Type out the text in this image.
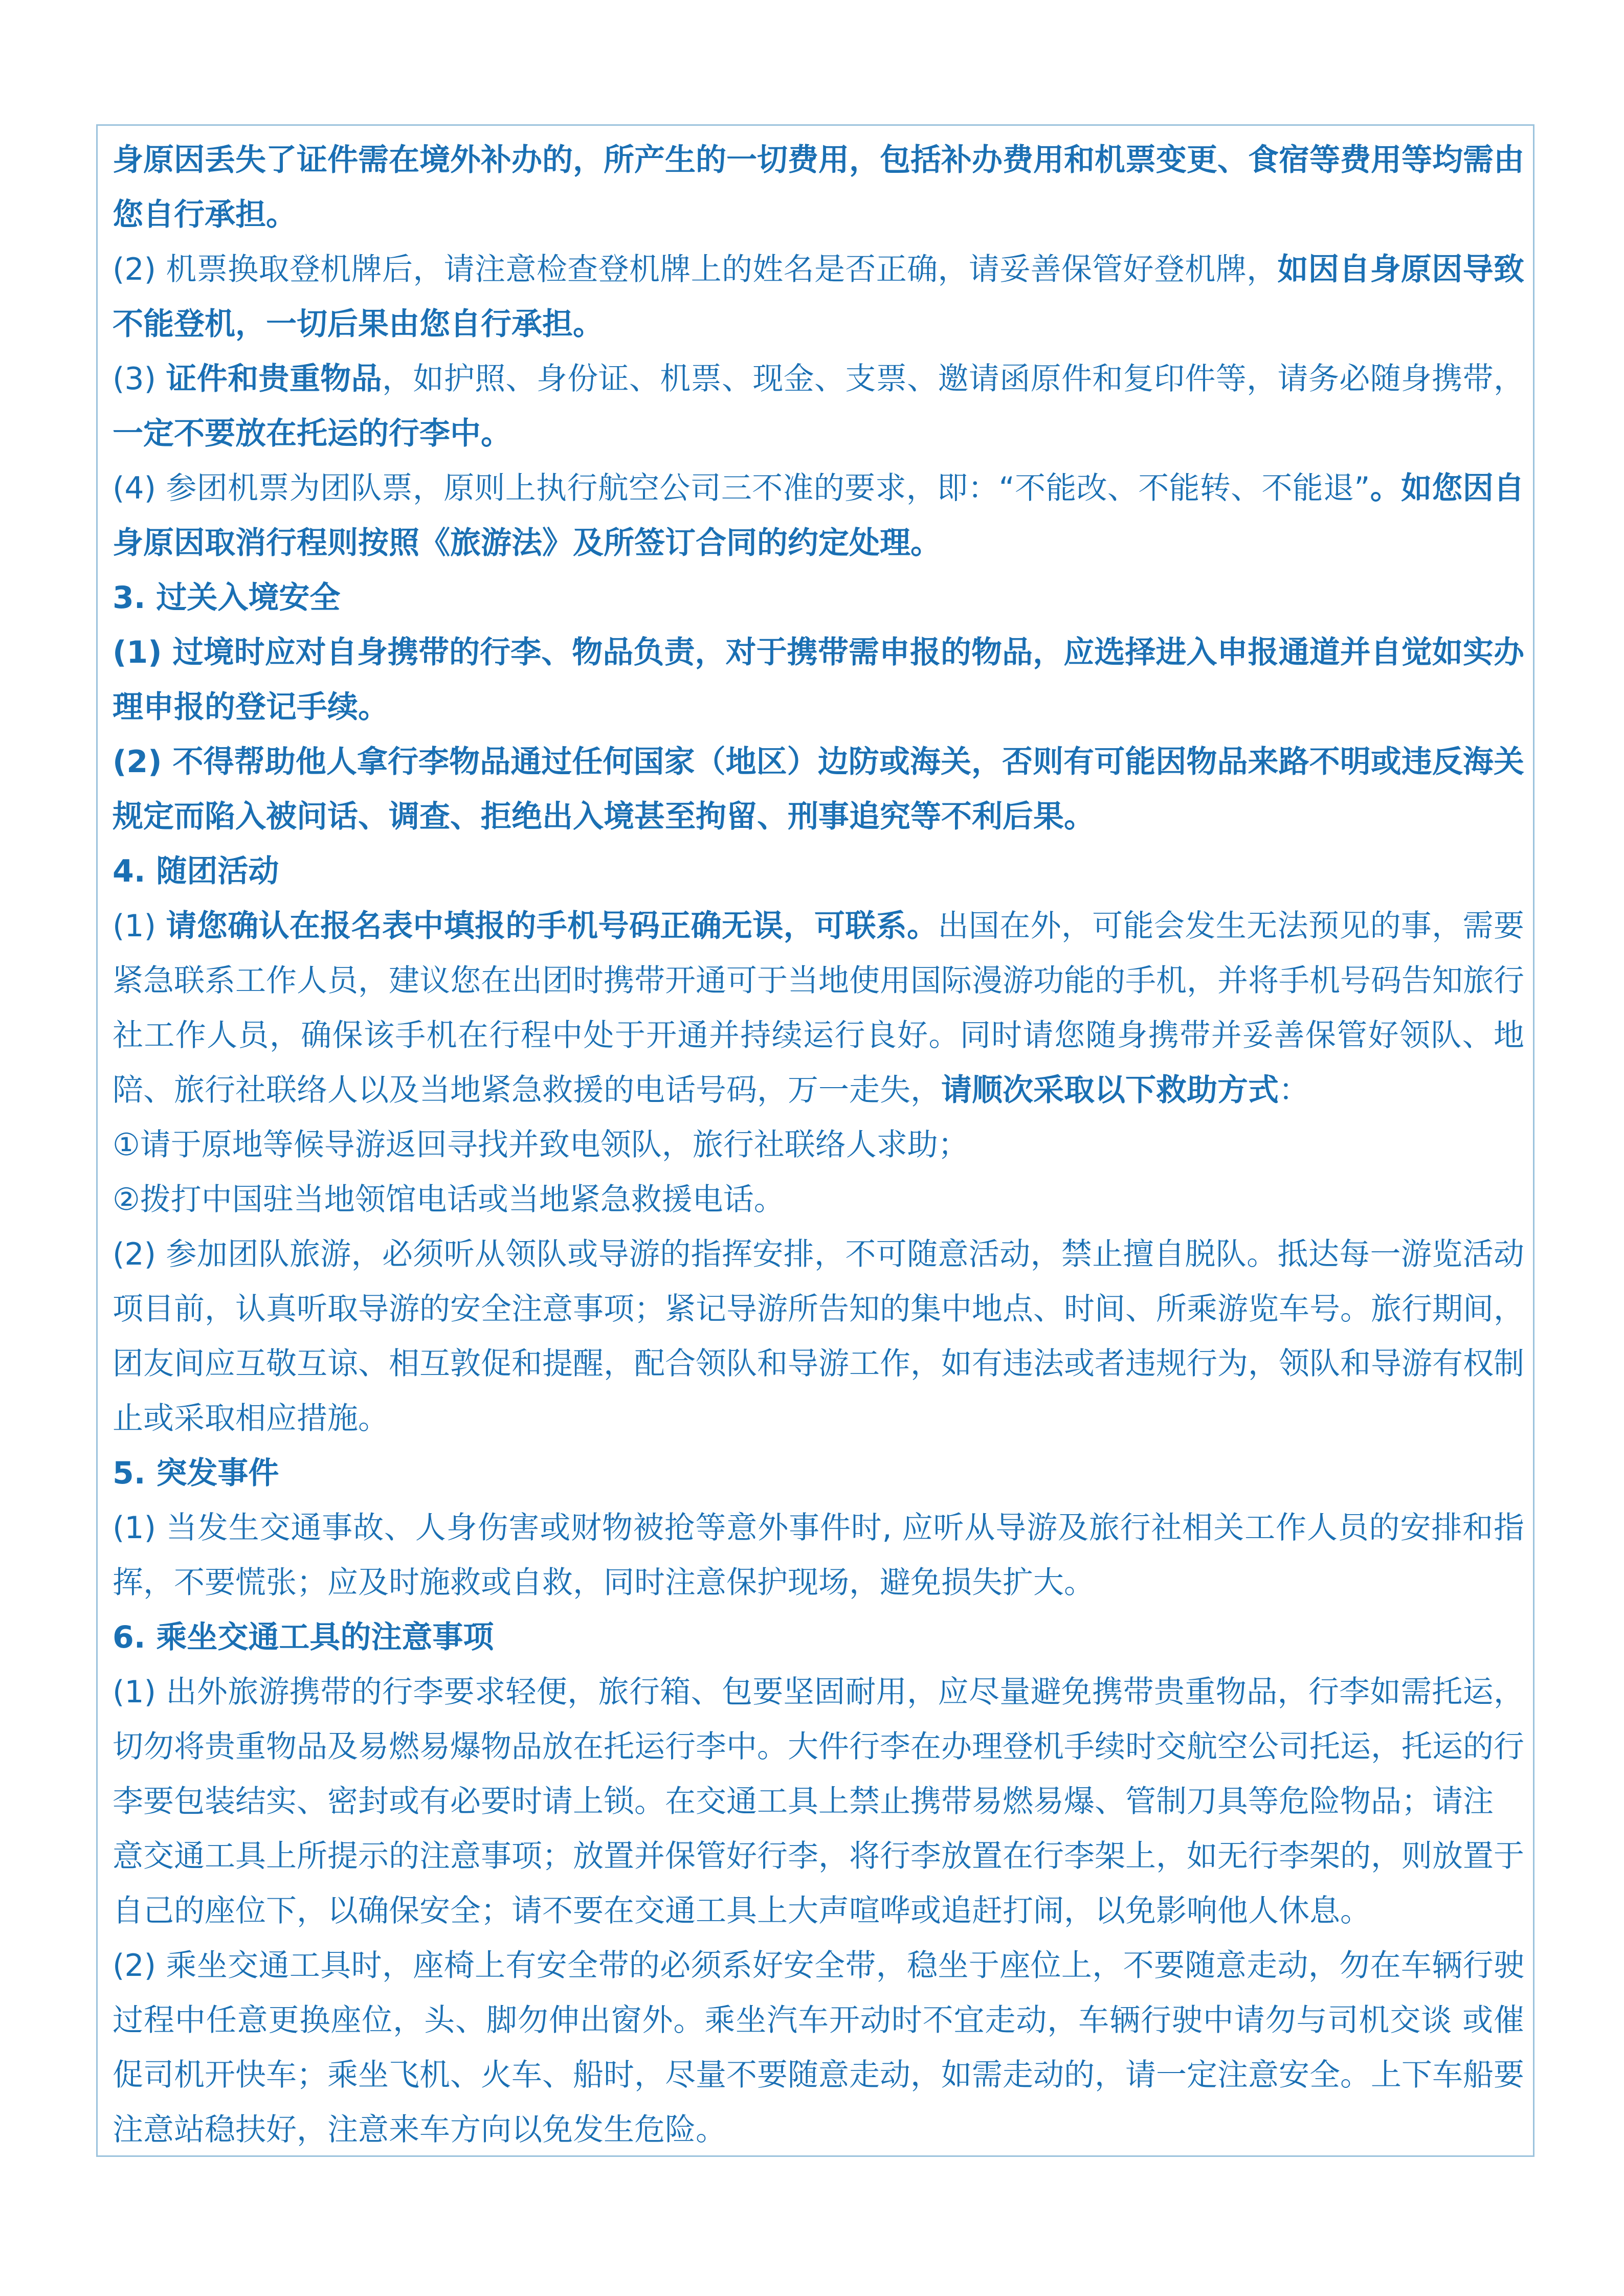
身原因丢失了证件需在境外补办的，所产生的一切费用，包括补办费用和机票变更、食宿等费用等均需由您自行承担。

(2) 机票换取登机牌后，请注意检查登机牌上的姓名是否正确，请妥善保管好登机牌，如因自身原因导致不能登机，一切后果由您自行承担。

(3) 证件和贵重物品，如护照、身份证、机票、现金、支票、邀请函原件和复印件等，请务必随身携带，一定不要放在托运的行李中。

(4) 参团机票为团队票，原则上执行航空公司三不准的要求，即：“不能改、不能转、不能退”。如您因自身原因取消行程则按照《旅游法》及所签订合同的约定处理。

3. 过关入境安全

(1) 过境时应对自身携带的行李、物品负责，对于携带需申报的物品，应选择进入申报通道并自觉如实办理申报的登记手续。

(2) 不得帮助他人拿行李物品通过任何国家（地区）边防或海关，否则有可能因物品来路不明或违反海关规定而陷入被问话、调查、拒绝出入境甚至拘留、刑事追究等不利后果。

4. 随团活动

(1) 请您确认在报名表中填报的手机号码正确无误，可联系。出国在外，可能会发生无法预见的事，需要紧急联系工作人员，建议您在出团时携带开通可于当地使用国际漫游功能的手机，并将手机号码告知旅行社工作人员，确保该手机在行程中处于开通并持续运行良好。同时请您随身携带并妥善保管好领队、地陪、旅行社联络人以及当地紧急救援的电话号码，万一走失，请顺次采取以下救助方式：

①请于原地等候导游返回寻找并致电领队，旅行社联络人求助；

②拨打中国驻当地领馆电话或当地紧急救援电话。

(2) 参加团队旅游，必须听从领队或导游的指挥安排，不可随意活动，禁止擅自脱队。抵达每一游览活动项目前，认真听取导游的安全注意事项；紧记导游所告知的集中地点、时间、所乘游览车号。旅行期间，团友间应互敬互谅、相互敦促和提醒，配合领队和导游工作，如有违法或者违规行为，领队和导游有权制止或采取相应措施。

5. 突发事件

(1) 当发生交通事故、人身伤害或财物被抢等意外事件时, 应听从导游及旅行社相关工作人员的安排和指挥，不要慌张；应及时施救或自救，同时注意保护现场，避免损失扩大。

6. 乘坐交通工具的注意事项

(1) 出外旅游携带的行李要求轻便，旅行箱、包要坚固耐用，应尽量避免携带贵重物品，行李如需托运，切勿将贵重物品及易燃易爆物品放在托运行李中。大件行李在办理登机手续时交航空公司托运，托运的行李要包装结实、密封或有必要时请上锁。在交通工具上禁止携带易燃易爆、管制刀具等危险物品；请注

意交通工具上所提示的注意事项；放置并保管好行李，将行李放置在行李架上，如无行李架的，则放置于自己的座位下，以确保安全；请不要在交通工具上大声喧哗或追赶打闹，以免影响他人休息。

(2) 乘坐交通工具时，座椅上有安全带的必须系好安全带，稳坐于座位上，不要随意走动，勿在车辆行驶过程中任意更换座位，头、脚勿伸出窗外。乘坐汽车开动时不宜走动，车辆行驶中请勿与司机交谈 或催促司机开快车；乘坐飞机、火车、船时，尽量不要随意走动，如需走动的，请一定注意安全。上下车船要注意站稳扶好，注意来车方向以免发生危险。
